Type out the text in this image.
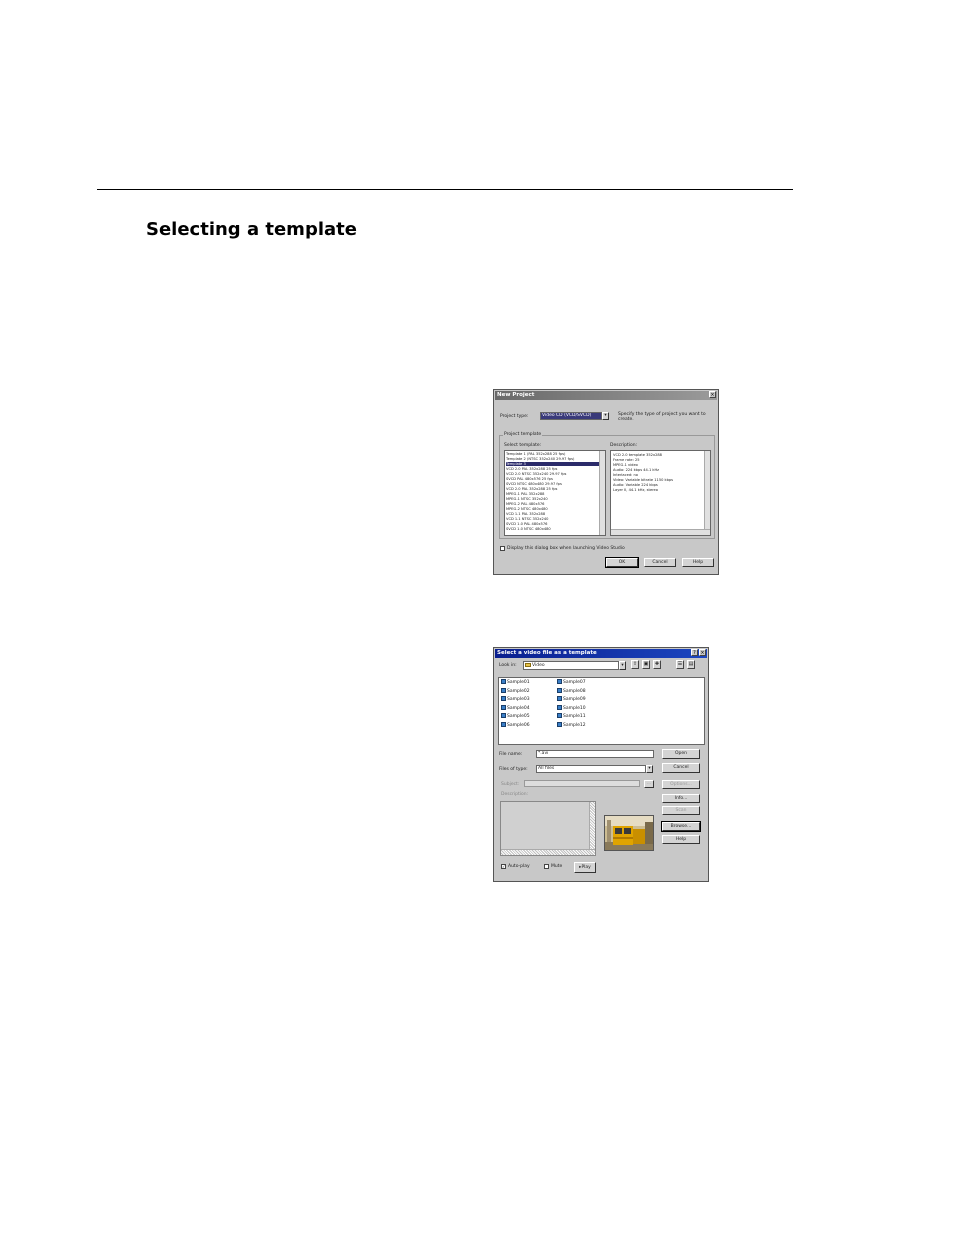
Selecting a template
New Project	×
Project type:	Video CD (VCD/SVCD)	▾	Specify the type of project you want to create.
Project template
Select template:	Description:
Template 1 (PAL 352x288 25 fps)
Template 2 (NTSC 352x240 29.97 fps)
Template 3
VCD 2.0 PAL 352x288 25 fps
VCD 2.0 NTSC 352x240 29.97 fps
SVCD PAL 480x576 25 fps
SVCD NTSC 480x480 29.97 fps
VCD 2.0 PAL 352x288 25 fps
MPEG-1 PAL 352x288
MPEG-1 NTSC 352x240
MPEG-2 PAL 480x576
MPEG-2 NTSC 480x480
VCD 1.1 PAL 352x288
VCD 1.1 NTSC 352x240
SVCD 1.0 PAL 480x576
SVCD 1.0 NTSC 480x480
VCD 2.0 template 352x288
Frame rate: 25
MPEG-1 video
Audio: 224 kbps 44.1 kHz
Interlaced: no
Video: Variable bitrate 1150 kbps
Audio: Variable 224 kbps
Layer II, 44.1 kHz, stereo
Display this dialog box when launching Video Studio
OK	Cancel	Help
Select a video file as a template	? ×
Look in:	Video	▾	⇧	▣	✚	☰	▤
Sample01
Sample02
Sample03
Sample04
Sample05
Sample06
Sample07
Sample08
Sample09
Sample10
Sample11
Sample12
File name:	*.avi
Files of type:	All files	▾
Subject:	…
Description:
Open
Cancel
Options...
Info...
Scan
Browse...
Help
✓ Auto-play	Mute	▸Play
